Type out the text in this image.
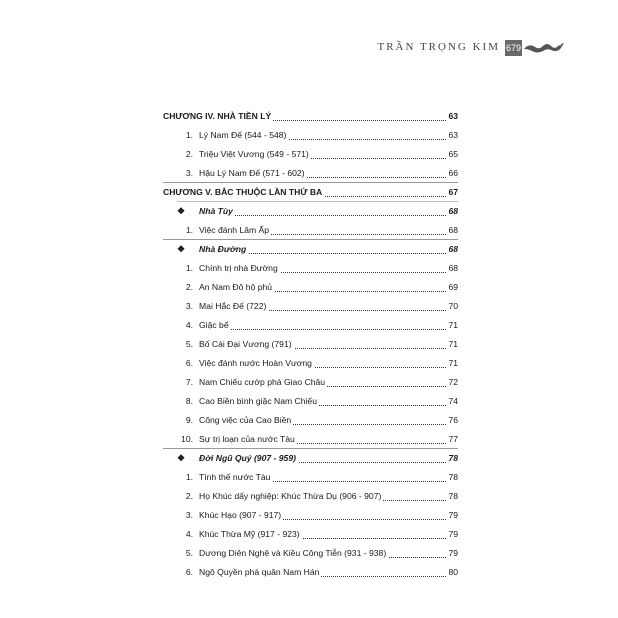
TRẦN TRỌNG KIM 679
CHƯƠNG IV. NHÀ TIỀN LÝ	63
1. Lý Nam Đế (544 - 548)	63
2. Triệu Việt Vương (549 - 571)	65
3. Hậu Lý Nam Đế (571 - 602)	66
CHƯƠNG V. BẮC THUỘC LẦN THỨ BA	67
❖ Nhà Tùy	68
1. Việc đánh Lâm Ấp	68
❖ Nhà Đường	68
1. Chính trị nhà Đường	68
2. An Nam Đô hộ phủ	69
3. Mai Hắc Đế (722)	70
4. Giặc bể	71
5. Bố Cái Đại Vương (791)	71
6. Việc đánh nước Hoàn Vương	71
7. Nam Chiếu cướp phá Giao Châu	72
8. Cao Biền bình giặc Nam Chiếu	74
9. Công việc của Cao Biền	76
10. Sự trị loạn của nước Tàu	77
❖ Đời Ngũ Quý (907 - 959)	78
1. Tình thế nước Tàu	78
2. Họ Khúc dấy nghiệp: Khúc Thừa Dụ (906 - 907)	78
3. Khúc Hạo (907 - 917)	79
4. Khúc Thừa Mỹ (917 - 923)	79
5. Dương Diên Nghệ và Kiều Công Tiễn (931 - 938)	79
6. Ngô Quyền phá quân Nam Hán	80
